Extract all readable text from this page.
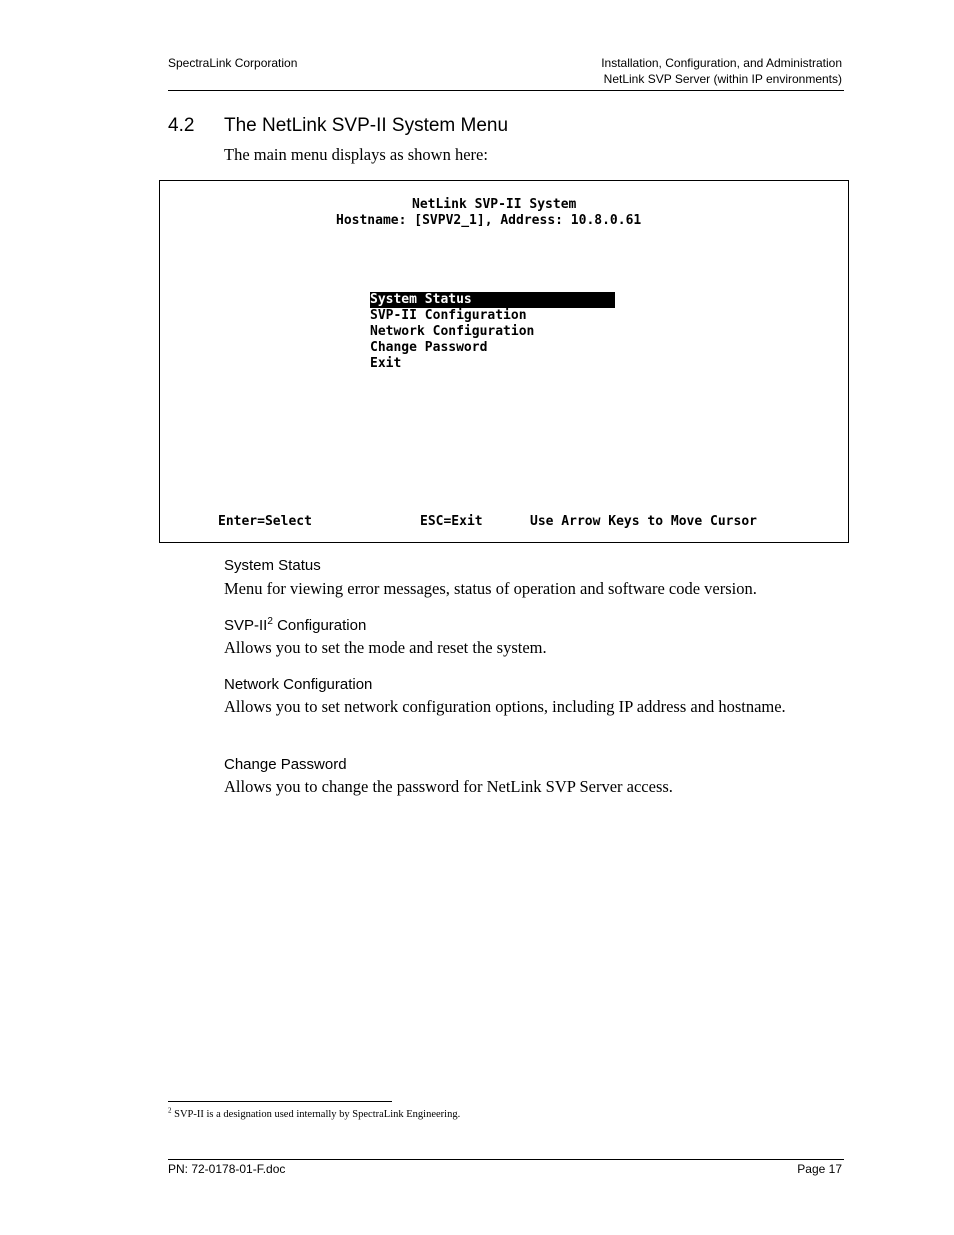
SpectraLink Corporation	Installation, Configuration, and Administration
NetLink SVP Server (within IP environments)
4.2 The NetLink SVP-II System Menu
The main menu displays as shown here:
NetLink SVP-II System
Hostname: [SVPV2_1], Address: 10.8.0.61
System Status
SVP-II Configuration
Network Configuration
Change Password
Exit
Enter=Select	ESC=Exit	Use Arrow Keys to Move Cursor
System Status
Menu for viewing error messages, status of operation and software code version.
SVP-$II^2$ Configuration
Allows you to set the mode and reset the system.
Network Configuration
Allows you to set network configuration options, including IP address and hostname.
Change Password
Allows you to change the password for NetLink SVP Server access.
$^2$ SVP-II is a designation used internally by SpectraLink Engineering.
PN: 72-0178-01-F.doc	Page 17
